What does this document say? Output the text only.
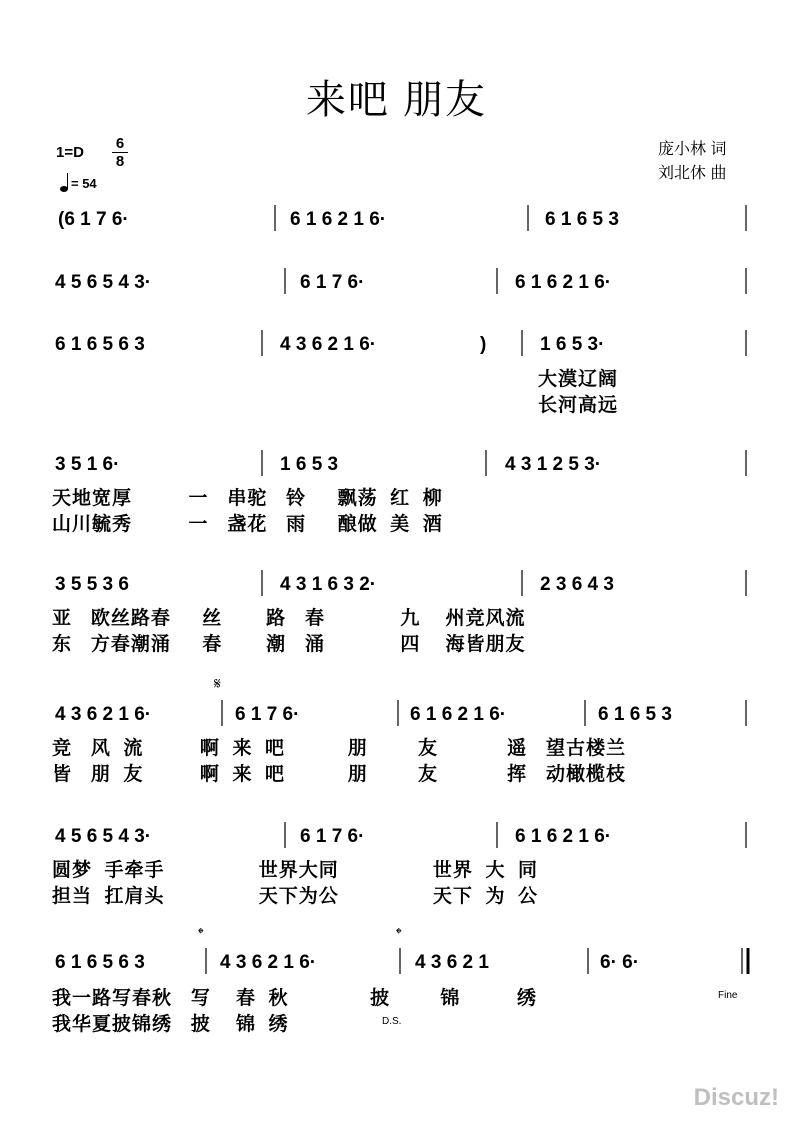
来吧 朋友
1=D
6
8
= 54
庞小林 词
刘北休 曲
(6 1 7 6·	6 1 6 2 1 6·	6 1 6 5 3
4 5 6 5 4 3·	6 1 7 6·	6 1 6 2 1 6·
6 1 6 5 6 3	4 3 6 2 1 6·	)	1 6 5 3·
3 5 1 6·	1 6 5 3	4 3 1 2 5 3·
3 5 5 3 6	4 3 1 6 3 2·	2 3 6 4 3
4 3 6 2 1 6·	6 1 7 6·	6 1 6 2 1 6·	6 1 6 5 3
4 5 6 5 4 3·	6 1 7 6·	6 1 6 2 1 6·
6 1 6 5 6 3	4 3 6 2 1 6·	4 3 6 2 1	6· 6·
大漠辽阔
长河高远
天地宽厚         一   串驼   铃     飘荡  红  柳
山川毓秀         一   盏花   雨     酿做  美  酒
亚   欧丝路春     丝       路   春            九    州竞风流
东   方春潮涌     春       潮   涌            四    海皆朋友
竞   风  流         啊  来  吧          朋        友           遥   望古楼兰
皆   朋  友         啊  来  吧          朋        友           挥   动橄榄枝
圆梦  手牵手               世界大同               世界  大  同
担当  扛肩头               天下为公               天下  为  公
我一路写春秋   写    春  秋             披        锦         绣
我华夏披锦绣   披    锦  绣
𝄋
𝄌	𝄌
Fine
D.S.
Discuz!
